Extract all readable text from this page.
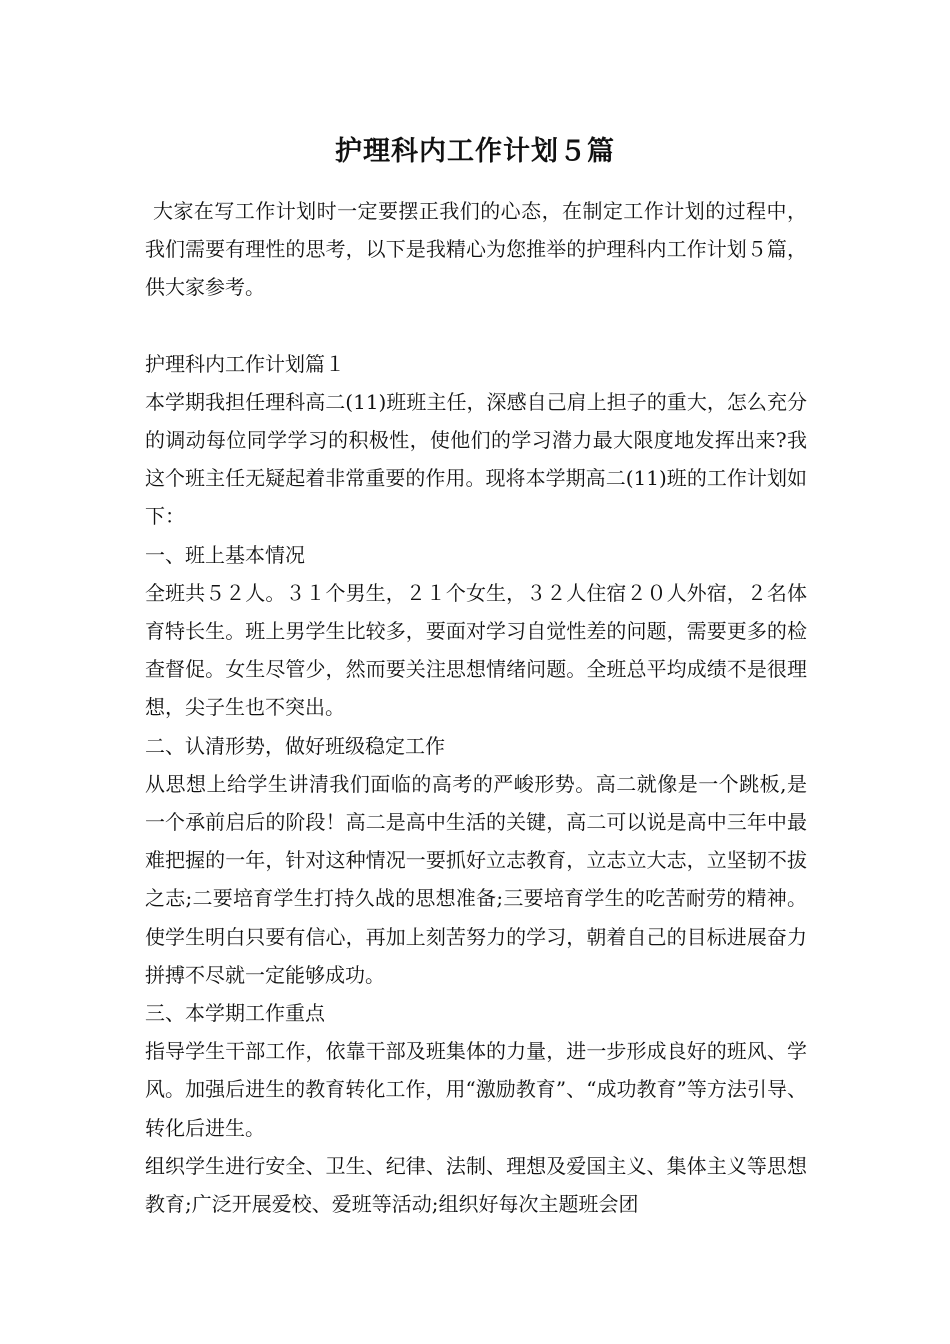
护理科内工作计划５篇

大家在写工作计划时一定要摆正我们的心态，在制定工作计划的过程中，我们需要有理性的思考，以下是我精心为您推举的护理科内工作计划５篇，供大家参考。

护理科内工作计划篇１

本学期我担任理科高二(11)班班主任，深感自己肩上担子的重大，怎么充分的调动每位同学学习的积极性，使他们的学习潜力最大限度地发挥出来?我这个班主任无疑起着非常重要的作用。现将本学期高二(11)班的工作计划如下：

一、班上基本情况

全班共５２人。３１个男生，２１个女生，３２人住宿２０人外宿，２名体育特长生。班上男学生比较多，要面对学习自觉性差的问题，需要更多的检查督促。女生尽管少，然而要关注思想情绪问题。全班总平均成绩不是很理想，尖子生也不突出。

二、认清形势，做好班级稳定工作

从思想上给学生讲清我们面临的高考的严峻形势。高二就像是一个跳板,是一个承前启后的阶段！高二是高中生活的关键，高二可以说是高中三年中最难把握的一年，针对这种情况一要抓好立志教育，立志立大志，立坚韧不拔之志;二要培育学生打持久战的思想准备;三要培育学生的吃苦耐劳的精神。使学生明白只要有信心，再加上刻苦努力的学习，朝着自己的目标进展奋力拼搏不尽就一定能够成功。

三、本学期工作重点

指导学生干部工作，依靠干部及班集体的力量，进一步形成良好的班风、学风。加强后进生的教育转化工作，用“激励教育”、“成功教育”等方法引导、转化后进生。

组织学生进行安全、卫生、纪律、法制、理想及爱国主义、集体主义等思想教育;广泛开展爱校、爱班等活动;组织好每次主题班会团
